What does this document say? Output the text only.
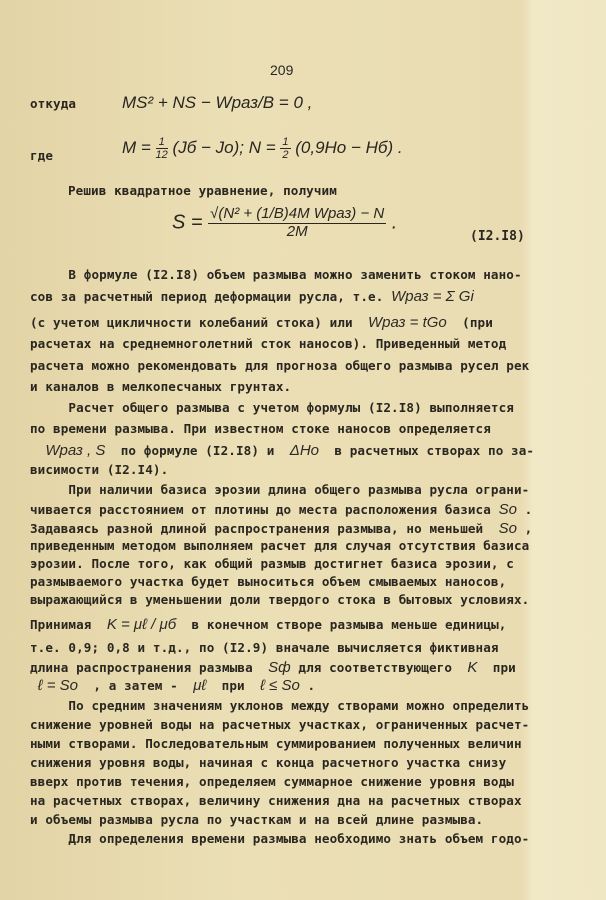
209
откуда	MS² + NS − Wраз/B = 0 ,
где	$M = \frac{1}{12} (Jб - Jо)$; $N = \frac{1}{2} (0,9Hо - Hб)$ .
Решив квадратное уравнение, получим
$S = \frac{\text{√(N² + (1/B)4M Wраз) − N}}{2M}$ .
(I2.I8)
В формуле (I2.I8) объем размыва можно заменить стоком нано-
сов за расчетный период деформации русла, т.е. Wраз = Σ Gi
(с учетом цикличности колебаний стока) или  Wраз = tGо  (при
расчетах на среднемноголетний сток наносов). Приведенный метод
расчета можно рекомендовать для прогноза общего размыва русел рек
и каналов в мелкопесчаных грунтах.
Расчет общего размыва с учетом формулы (I2.I8) выполняется
по времени размыва. При известном стоке наносов определяется
Wраз , S  по формуле (I2.I8) и  ΔHо  в расчетных створах по за-
висимости (I2.I4).
При наличии базиса эрозии длина общего размыва русла ограни-
чивается расстоянием от плотины до места расположения базиса Sо .
Задаваясь разной длиной распространения размыва, но меньшей  Sо ,
приведенным методом выполняем расчет для случая отсутствия базиса
эрозии. После того, как общий размыв достигнет базиса эрозии, с
размываемого участка будет выноситься объем смываемых наносов,
выражающийся в уменьшении доли твердого стока в бытовых условиях.
Принимая  K = μℓ / μб  в конечном створе размыва меньше единицы,
т.е. 0,9; 0,8 и т.д., по (I2.9) вначале вычисляется фиктивная
длина распространения размыва  Sф для соответствующего  K  при
ℓ = Sо  , а затем -  μℓ  при  ℓ ≤ Sо .
По средним значениям уклонов между створами можно определить
снижение уровней воды на расчетных участках, ограниченных расчет-
ными створами. Последовательным суммированием полученных величин
снижения уровня воды, начиная с конца расчетного участка снизу
вверх против течения, определяем суммарное снижение уровня воды
на расчетных створах, величину снижения дна на расчетных створах
и объемы размыва русла по участкам и на всей длине размыва.
Для определения времени размыва необходимо знать объем годо-
